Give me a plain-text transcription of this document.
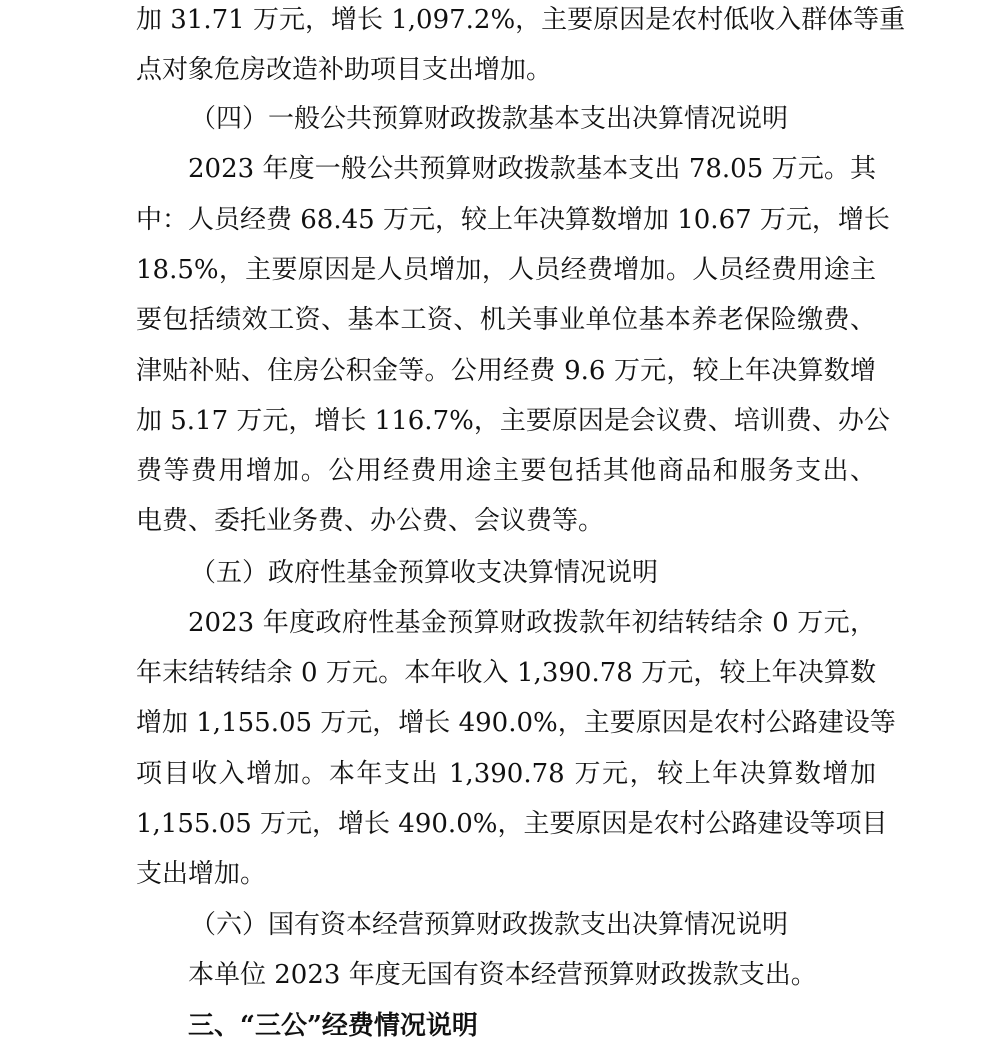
加 31.71 万元，增长 1,097.2%，主要原因是农村低收入群体等重
点对象危房改造补助项目支出增加。
（四）一般公共预算财政拨款基本支出决算情况说明
2023 年度一般公共预算财政拨款基本支出 78.05 万元。其
中：人员经费 68.45 万元，较上年决算数增加 10.67 万元，增长
18.5%，主要原因是人员增加，人员经费增加。人员经费用途主
要包括绩效工资、基本工资、机关事业单位基本养老保险缴费、
津贴补贴、住房公积金等。公用经费 9.6 万元，较上年决算数增
加 5.17 万元，增长 116.7%，主要原因是会议费、培训费、办公
费等费用增加。公用经费用途主要包括其他商品和服务支出、
电费、委托业务费、办公费、会议费等。
（五）政府性基金预算收支决算情况说明
2023 年度政府性基金预算财政拨款年初结转结余 0 万元，
年末结转结余 0 万元。本年收入 1,390.78 万元，较上年决算数
增加 1,155.05 万元，增长 490.0%，主要原因是农村公路建设等
项目收入增加。本年支出 1,390.78 万元，较上年决算数增加
1,155.05 万元，增长 490.0%，主要原因是农村公路建设等项目
支出增加。
（六）国有资本经营预算财政拨款支出决算情况说明
本单位 2023 年度无国有资本经营预算财政拨款支出。
三、“三公”经费情况说明
